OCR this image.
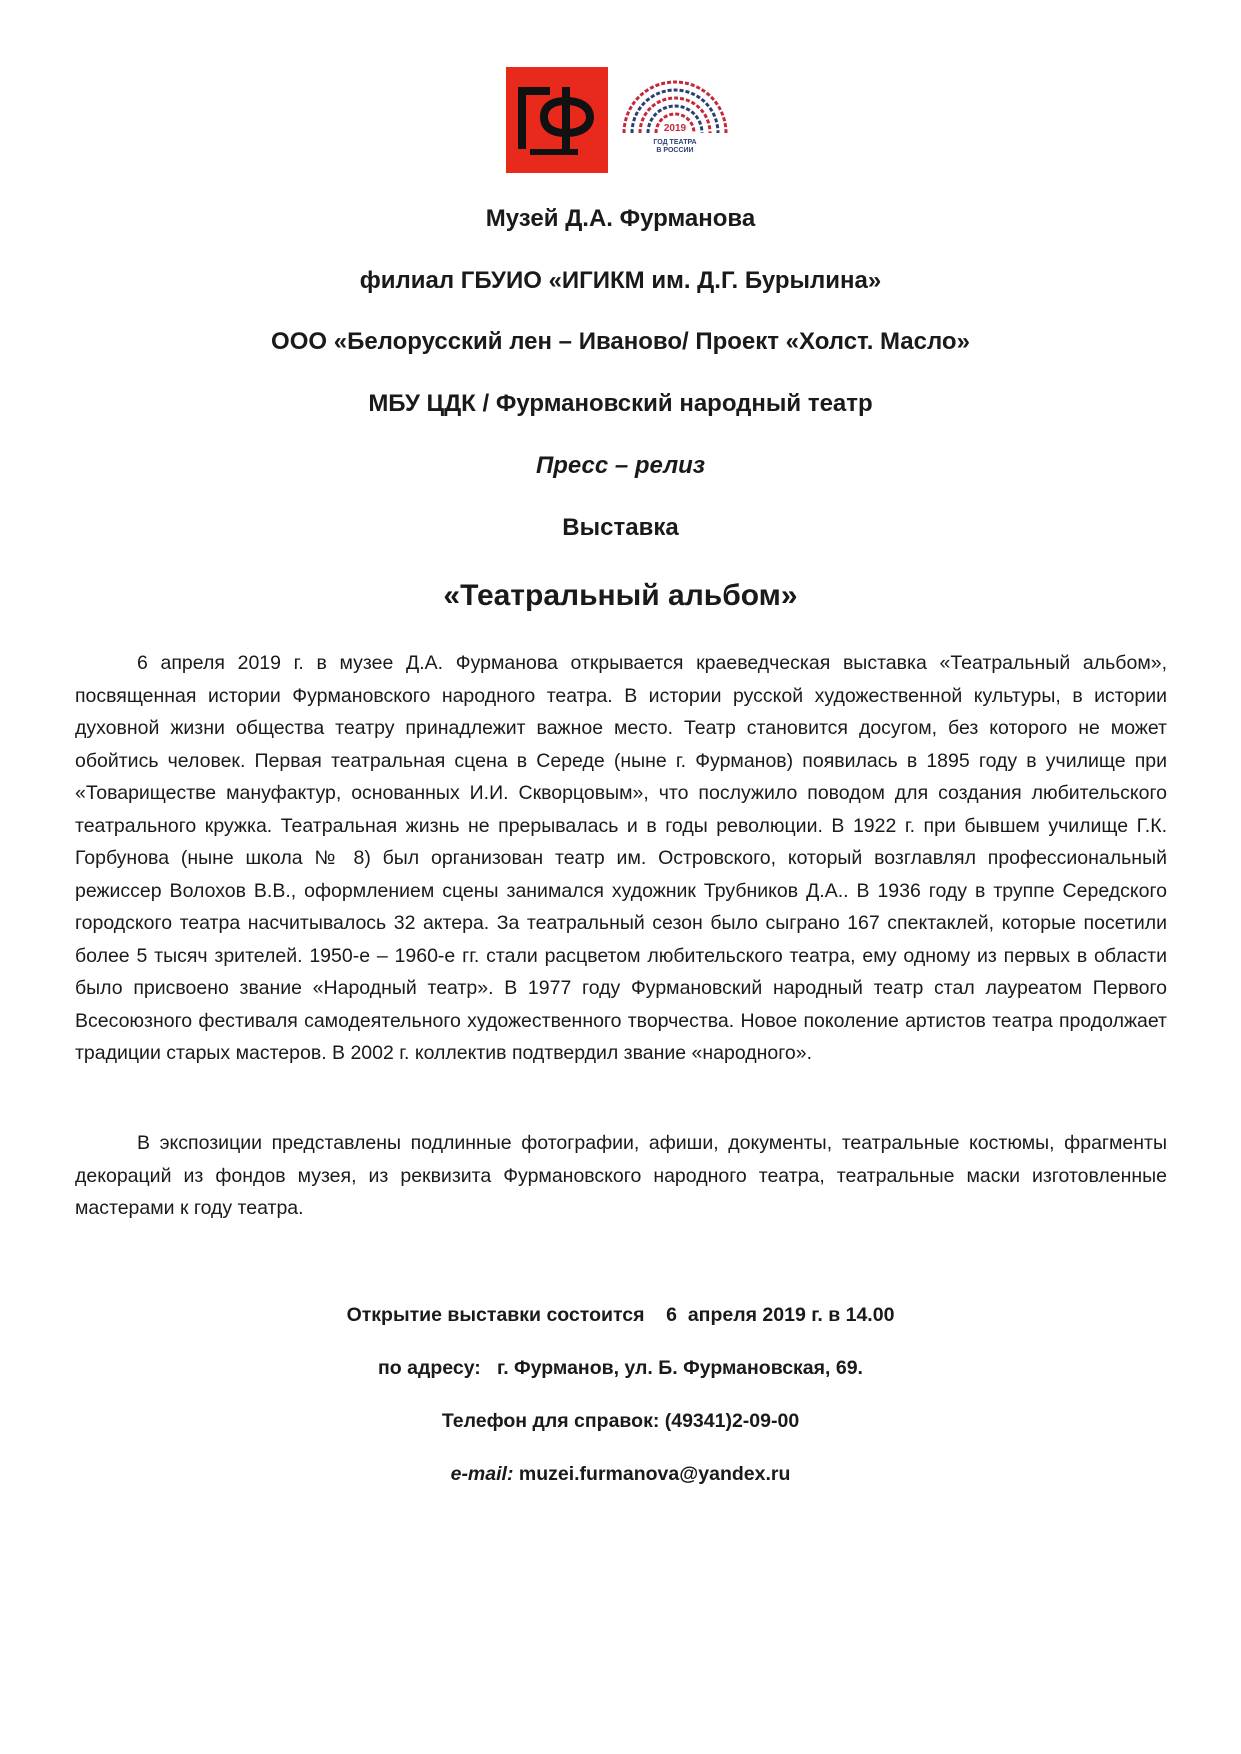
2019
ГОД ТЕАТРА
В РОССИИ
Музей Д.А. Фурманова
филиал ГБУИО «ИГИКМ им. Д.Г. Бурылина»
ООО «Белорусский лен – Иваново/ Проект «Холст. Масло»
МБУ ЦДК / Фурмановский народный театр
Пресс – релиз
Выставка
«Театральный альбом»
6 апреля 2019 г. в музее Д.А. Фурманова открывается краеведческая выставка «Театральный альбом», посвященная истории Фурмановского народного театра. В истории русской художественной культуры, в истории духовной жизни общества театру принадлежит важное место. Театр становится досугом, без которого не может обойтись человек. Первая театральная сцена в Середе (ныне г. Фурманов) появилась в 1895 году в училище при «Товариществе мануфактур, основанных И.И. Скворцовым», что послужило поводом для создания любительского театрального кружка. Театральная жизнь не прерывалась и в годы революции. В 1922 г. при бывшем училище Г.К. Горбунова (ныне школа № 8) был организован театр им. Островского, который возглавлял профессиональный режиссер Волохов В.В., оформлением сцены занимался художник Трубников Д.А.. В 1936 году в труппе Середского городского театра насчитывалось 32 актера. За театральный сезон было сыграно 167 спектаклей, которые посетили более 5 тысяч зрителей. 1950-е – 1960-е гг. стали расцветом любительского театра, ему одному из первых в области было присвоено звание «Народный театр». В 1977 году Фурмановский народный театр стал лауреатом Первого Всесоюзного фестиваля самодеятельного художественного творчества. Новое поколение артистов театра продолжает традиции старых мастеров. В 2002 г. коллектив подтвердил звание «народного».
В экспозиции представлены подлинные фотографии, афиши, документы, театральные костюмы, фрагменты декораций из фондов музея, из реквизита Фурмановского народного театра, театральные маски изготовленные мастерами к году театра.
Открытие выставки состоится    6  апреля 2019 г. в 14.00
по адресу:   г. Фурманов, ул. Б. Фурмановская, 69.
Телефон для справок: (49341)2-09-00
e-mail: muzei.furmanova@yandex.ru
